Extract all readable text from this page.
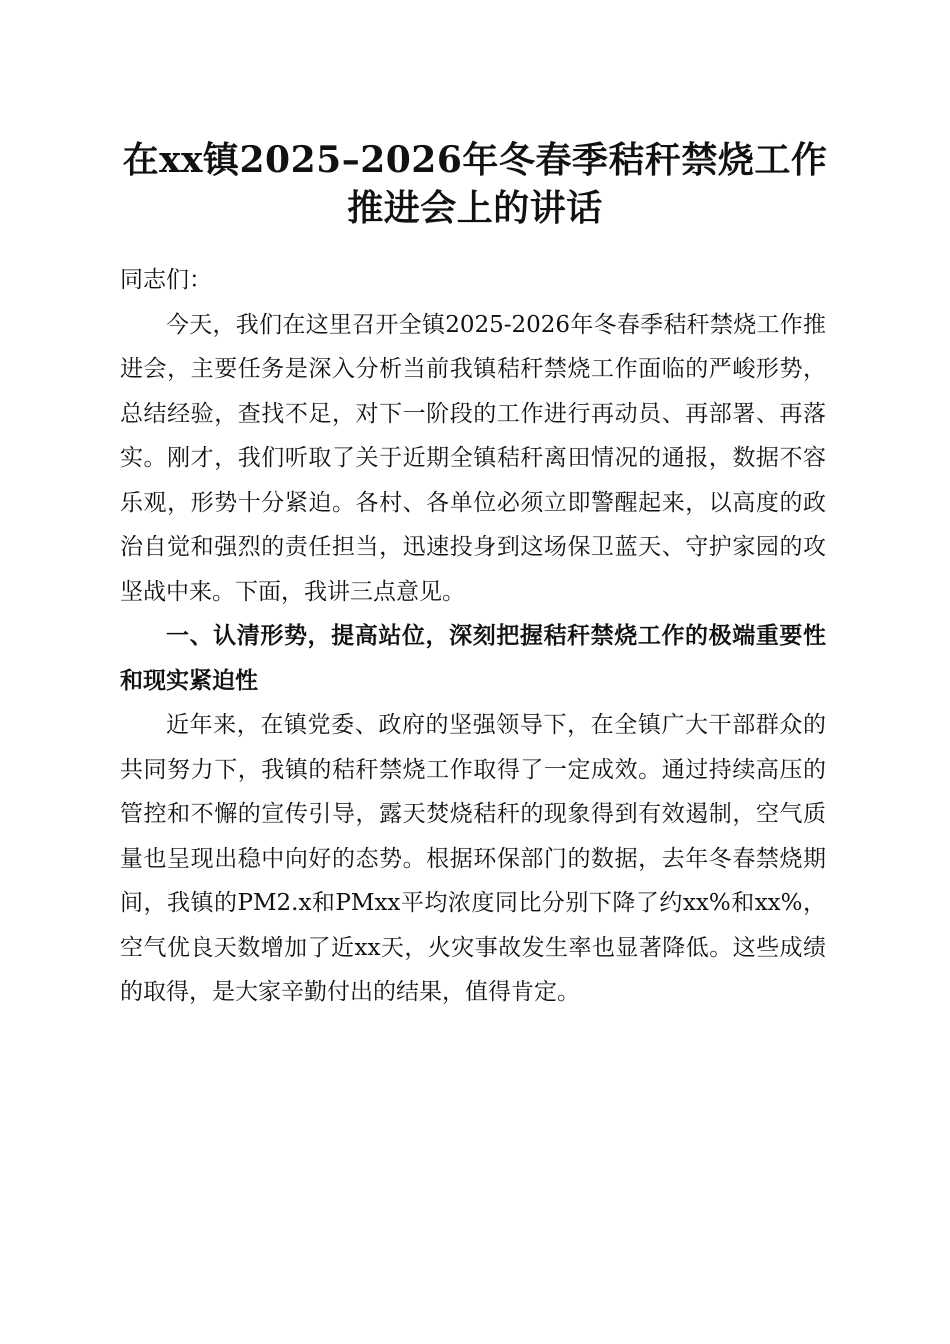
在xx镇2025–2026年冬春季秸秆禁烧工作推进会上的讲话

同志们：

今天，我们在这里召开全镇2025-2026年冬春季秸秆禁烧工作推进会，主要任务是深入分析当前我镇秸秆禁烧工作面临的严峻形势，总结经验，查找不足，对下一阶段的工作进行再动员、再部署、再落实。刚才，我们听取了关于近期全镇秸秆离田情况的通报，数据不容乐观，形势十分紧迫。各村、各单位必须立即警醒起来，以高度的政治自觉和强烈的责任担当，迅速投身到这场保卫蓝天、守护家园的攻坚战中来。下面，我讲三点意见。

一、认清形势，提高站位，深刻把握秸秆禁烧工作的极端重要性和现实紧迫性

近年来，在镇党委、政府的坚强领导下，在全镇广大干部群众的共同努力下，我镇的秸秆禁烧工作取得了一定成效。通过持续高压的管控和不懈的宣传引导，露天焚烧秸秆的现象得到有效遏制，空气质量也呈现出稳中向好的态势。根据环保部门的数据，去年冬春禁烧期间，我镇的PM2.x和PMxx平均浓度同比分别下降了约xx%和xx%，空气优良天数增加了近xx天，火灾事故发生率也显著降低。这些成绩的取得，是大家辛勤付出的结果，值得肯定。
